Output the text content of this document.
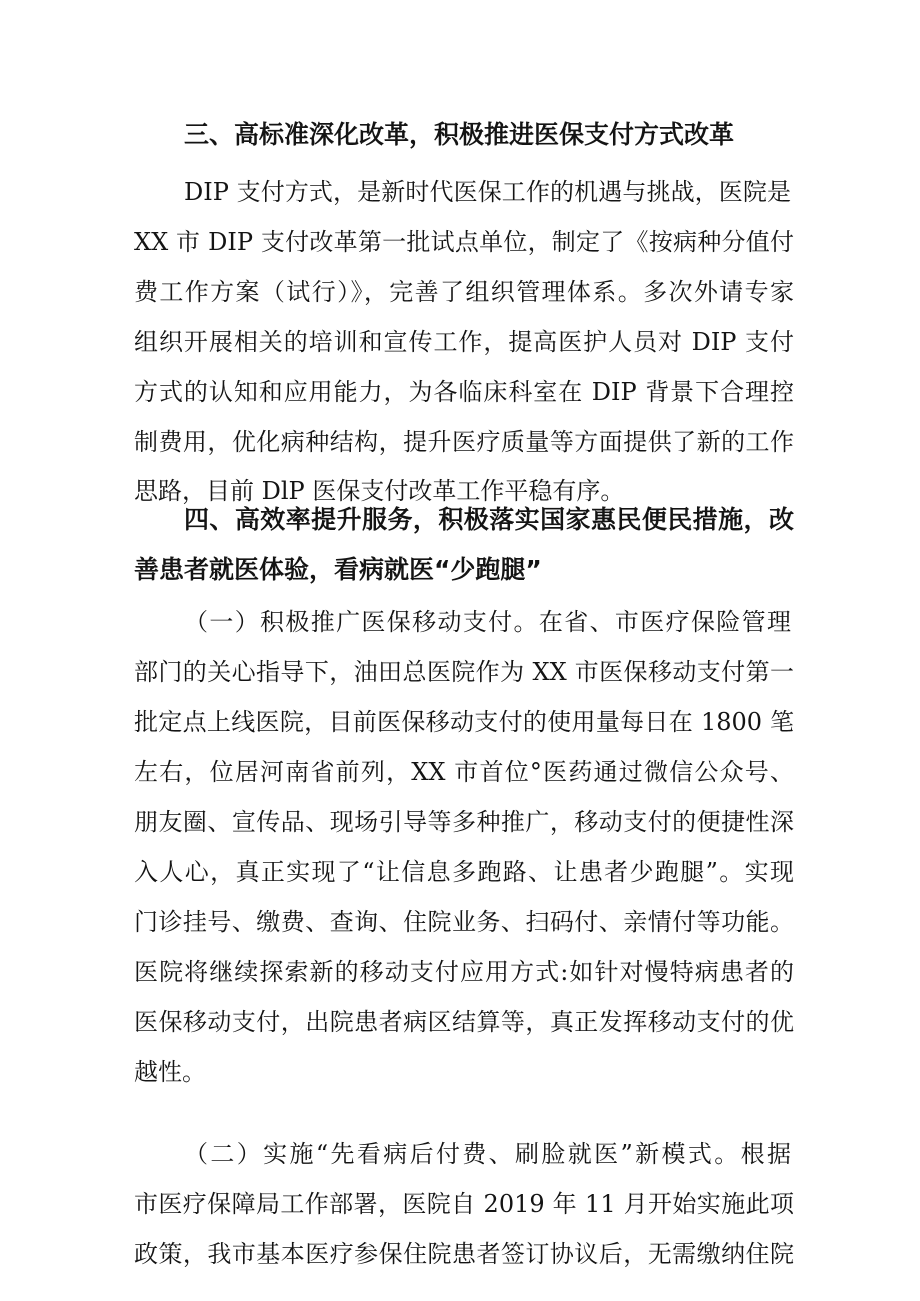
三、高标准深化改革，积极推进医保支付方式改革
DIP 支付方式，是新时代医保工作的机遇与挑战，医院是
XX 市 DIP 支付改革第一批试点单位，制定了《按病种分值付
费工作方案（试行）》，完善了组织管理体系。多次外请专家
组织开展相关的培训和宣传工作，提高医护人员对 DIP 支付
方式的认知和应用能力，为各临床科室在 DIP 背景下合理控
制费用，优化病种结构，提升医疗质量等方面提供了新的工作
思路，目前 DlP 医保支付改革工作平稳有序。
四、高效率提升服务，积极落实国家惠民便民措施，改
善患者就医体验，看病就医“少跑腿”
（一）积极推广医保移动支付。在省、市医疗保险管理
部门的关心指导下，油田总医院作为 XX 市医保移动支付第一
批定点上线医院，目前医保移动支付的使用量每日在 1800 笔
左右，位居河南省前列，XX 市首位°医药通过微信公众号、
朋友圈、宣传品、现场引导等多种推广，移动支付的便捷性深
入人心，真正实现了“让信息多跑路、让患者少跑腿”。实现
门诊挂号、缴费、查询、住院业务、扫码付、亲情付等功能。
医院将继续探索新的移动支付应用方式:如针对慢特病患者的
医保移动支付，出院患者病区结算等，真正发挥移动支付的优
越性。
（二）实施“先看病后付费、刷脸就医”新模式。根据
市医疗保障局工作部署，医院自 2019 年 11 月开始实施此项
政策，我市基本医疗参保住院患者签订协议后，无需缴纳住院
